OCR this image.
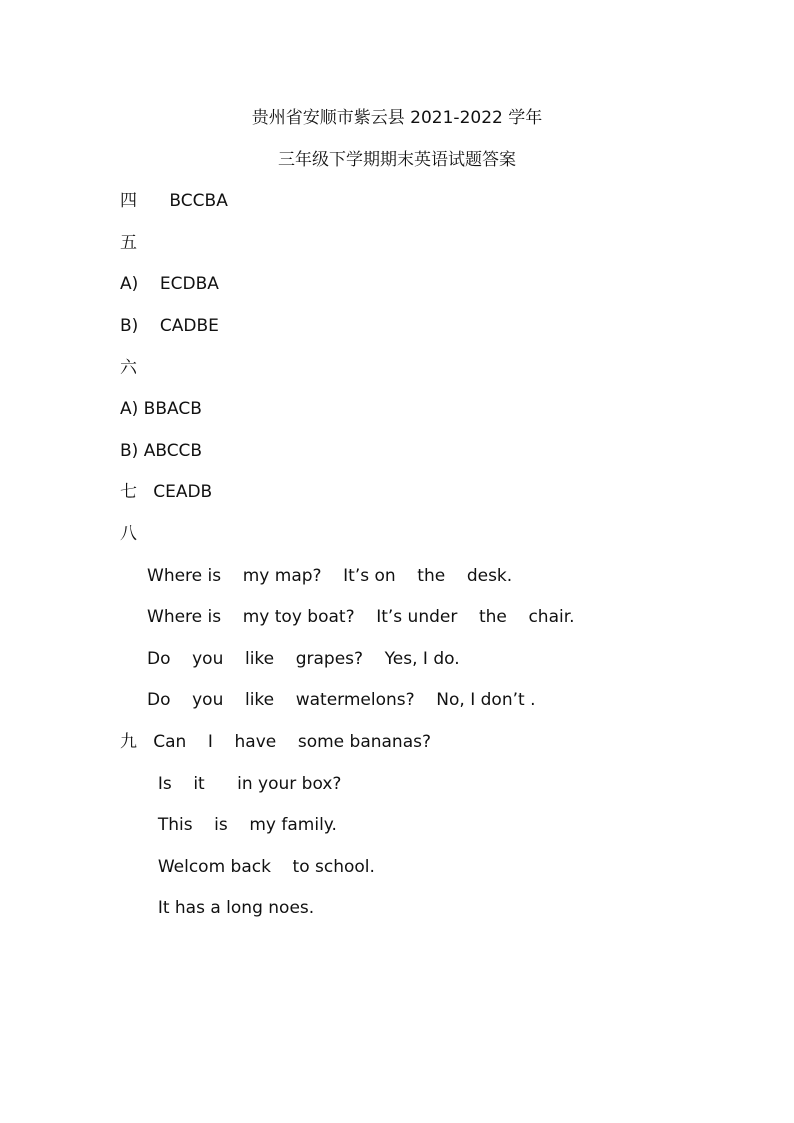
贵州省安顺市紫云县 2021-2022 学年
三年级下学期期末英语试题答案
四      BCCBA
五
A)    ECDBA
B)    CADBE
六
A) BBACB
B) ABCCB
七   CEADB
八
Where is    my map?    It’s on    the    desk.
Where is    my toy boat?    It’s under    the    chair.
Do    you    like    grapes?    Yes, I do.
Do    you    like    watermelons?    No, I don’t .
九   Can    I    have    some bananas?
Is    it      in your box?
This    is    my family.
Welcom back    to school.
It has a long noes.
